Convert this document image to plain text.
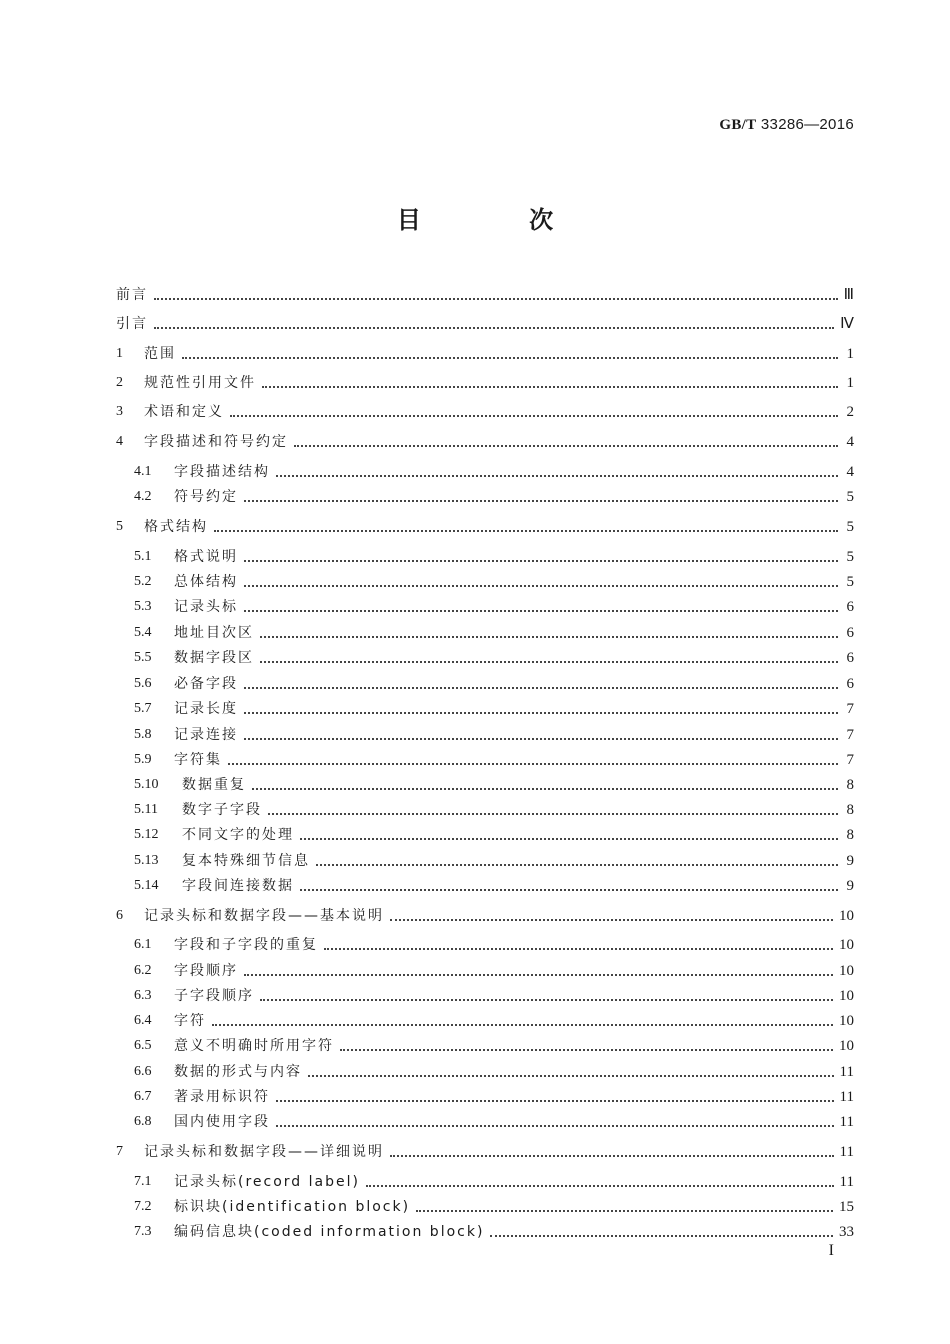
GB/T 33286—2016
目 次
前言	Ⅲ
引言	Ⅳ
1	范围	1
2	规范性引用文件	1
3	术语和定义	2
4	字段描述和符号约定	4
4.1	字段描述结构	4
4.2	符号约定	5
5	格式结构	5
5.1	格式说明	5
5.2	总体结构	5
5.3	记录头标	6
5.4	地址目次区	6
5.5	数据字段区	6
5.6	必备字段	6
5.7	记录长度	7
5.8	记录连接	7
5.9	字符集	7
5.10	数据重复	8
5.11	数字子字段	8
5.12	不同文字的处理	8
5.13	复本特殊细节信息	9
5.14	字段间连接数据	9
6	记录头标和数据字段——基本说明	10
6.1	字段和子字段的重复	10
6.2	字段顺序	10
6.3	子字段顺序	10
6.4	字符	10
6.5	意义不明确时所用字符	10
6.6	数据的形式与内容	11
6.7	著录用标识符	11
6.8	国内使用字段	11
7	记录头标和数据字段——详细说明	11
7.1	记录头标(record label)	11
7.2	标识块(identification block)	15
7.3	编码信息块(coded information block)	33
I
